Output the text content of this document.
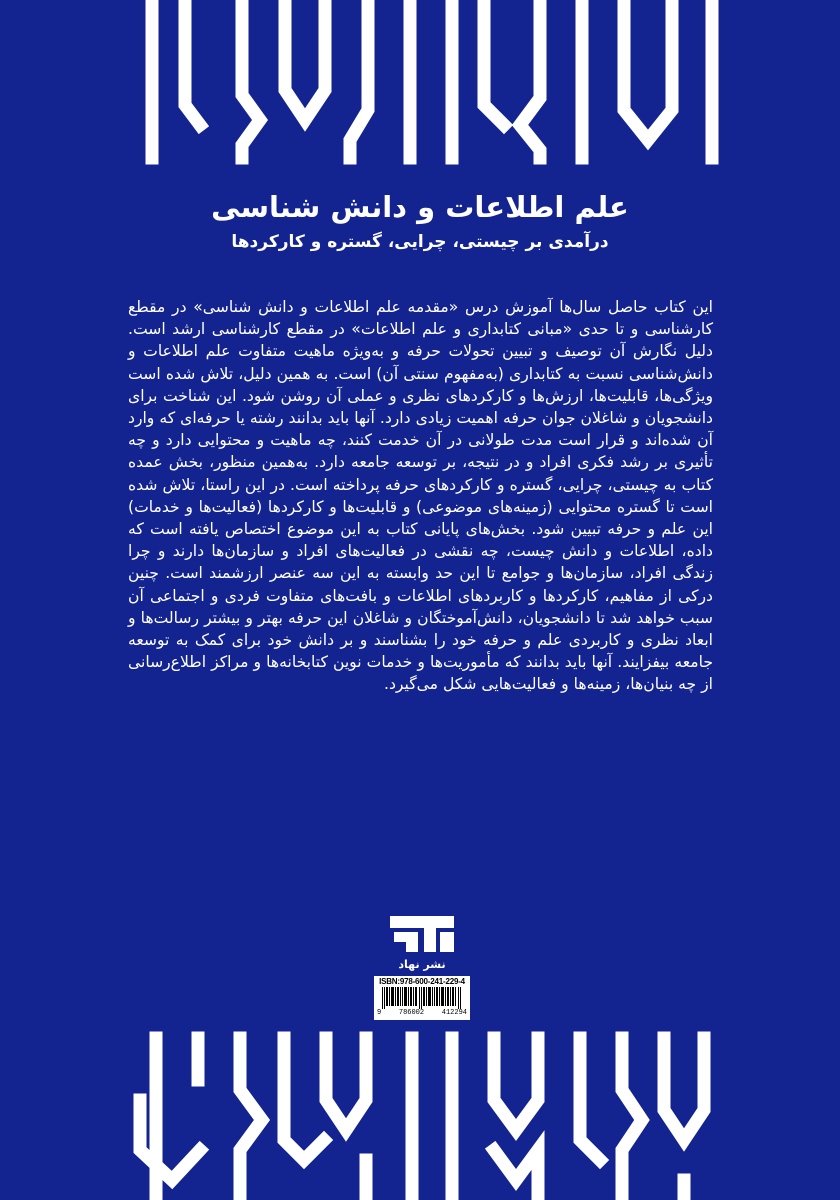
علم اطلاعات و دانش شناسی
درآمدی بر چیستی، چرایی، گستره و کارکردها
این کتاب حاصل سال‌ها آموزش درس «مقدمه علم اطلاعات و دانش شناسی» در مقطع کارشناسی و تا حدی «مبانی کتابداری و علم اطلاعات» در مقطع کارشناسی ارشد است. دلیل نگارش آن توصیف و تبیین تحولات حرفه و به‌ویژه ماهیت متفاوت علم اطلاعات و دانش‌شناسی نسبت به کتابداری (به‌مفهوم سنتی آن) است. به همین دلیل، تلاش شده است ویژگی‌ها، قابلیت‌ها، ارزش‌ها و کارکردهای نظری و عملی آن روشن شود. این شناخت برای دانشجویان و شاغلان جوان حرفه اهمیت زیادی دارد. آنها باید بدانند رشته یا حرفه‌ای که وارد آن شده‌اند و قرار است مدت طولانی در آن خدمت کنند، چه ماهیت و محتوایی دارد و چه تأثیری بر رشد فکری افراد و در نتیجه، بر توسعه جامعه دارد. به‌همین منظور، بخش عمده کتاب به چیستی، چرایی، گستره و کارکردهای حرفه پرداخته است. در این راستا، تلاش شده است تا گستره محتوایی (زمینه‌های موضوعی) و قابلیت‌ها و کارکردها (فعالیت‌ها و خدمات) این علم و حرفه تبیین شود. بخش‌های پایانی کتاب به این موضوع اختصاص یافته است که داده، اطلاعات و دانش چیست، چه نقشی در فعالیت‌های افراد و سازمان‌ها دارند و چرا زندگی افراد، سازمان‌ها و جوامع تا این حد وابسته به این سه عنصر ارزشمند است. چنین درکی از مفاهیم، کارکردها و کاربردهای اطلاعات و بافت‌های متفاوت فردی و اجتماعی آن سبب خواهد شد تا دانشجویان، دانش‌آموختگان و شاغلان این حرفه بهتر و بیشتر رسالت‌ها و ابعاد نظری و کاربردی علم و حرفه خود را بشناسند و بر دانش خود برای کمک به توسعه جامعه بیفزایند. آنها باید بدانند که مأموریت‌ها و خدمات نوین کتابخانه‌ها و مراکز اطلاع‌رسانی از چه بنیان‌ها، زمینه‌ها و فعالیت‌هایی شکل می‌گیرد.
نشر نهاد
ISBN:978-600-241-229-4
9	786002	412294
